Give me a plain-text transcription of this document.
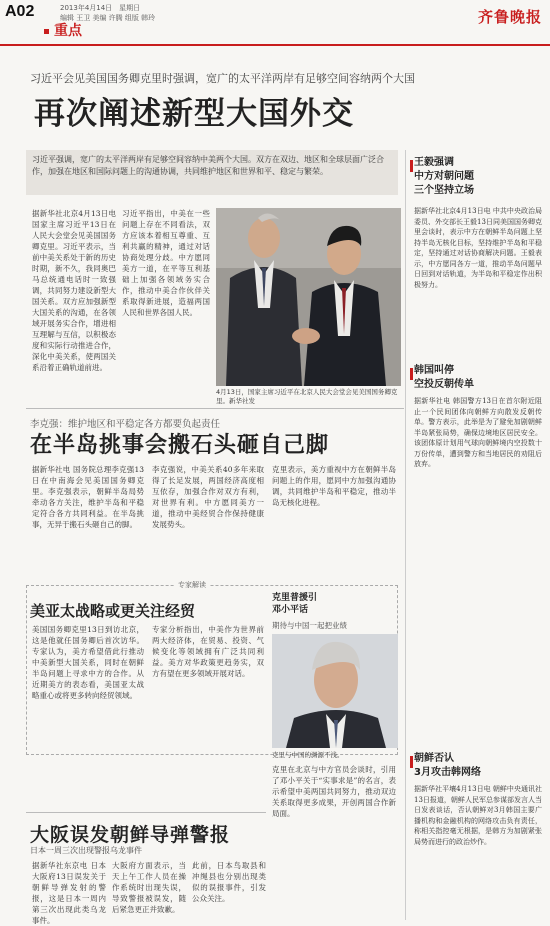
A02	2013年4月14日　星期日
编辑 王卫 美编 许腾 组版 韩玲
重点
齐鲁晚报
习近平会见美国国务卿克里时强调，宽广的太平洋两岸有足够空间容纳两个大国
再次阐述新型大国外交
习近平强调，宽广的太平洋两岸有足够空间容纳中美两个大国。双方在双边、地区和全球层面广泛合作，加强在地区和国际问题上的沟通协调，共同维护地区和世界和平、稳定与繁荣。
据新华社北京4月13日电 国家主席习近平13日在人民大会堂会见美国国务卿克里。习近平表示，当前中美关系处于新的历史时期，新不久，我同奥巴马总统通电话时一致强调，共同努力建设新型大国关系。双方应加强新型大国关系的沟通，在各领域开展务实合作，增进相互理解与互信，以积极态度和实际行动推进合作，深化中美关系，使两国关系沿着正确轨道前进。
习近平指出，中美在一些问题上存在不同看法，双方应该本着相互尊重、互利共赢的精神，通过对话协商处理分歧。中方愿同美方一道，在平等互利基础上加强各领域务实合作，推动中美合作伙伴关系取得新进展，造福两国人民和世界各国人民。
4月13日，国家主席习近平在北京人民大会堂会见美国国务卿克里。新华社发
李克强：维护地区和平稳定各方都要负起责任
在半岛挑事会搬石头砸自己脚
据新华社电 国务院总理李克强13日在中南海会见美国国务卿克里。李克强表示，朝鲜半岛局势牵动各方关注，维护半岛和平稳定符合各方共同利益。在半岛挑事，无异于搬石头砸自己的脚。
李克强说，中美关系40多年来取得了长足发展，两国经济高度相互依存，加强合作对双方有利，对世界有利。中方愿同美方一道，推动中美经贸合作保持健康发展势头。
克里表示，美方重视中方在朝鲜半岛问题上的作用，愿同中方加强沟通协调，共同维护半岛和平稳定，推动半岛无核化进程。
专家解读
美亚太战略或更关注经贸
美国国务卿克里13日到访北京，这是他就任国务卿后首次访华。专家认为，美方希望借此行推动中美新型大国关系，同时在朝鲜半岛问题上寻求中方的合作。从近期美方的表态看，美国亚太战略重心或将更多转向经贸领域。
专家分析指出，中美作为世界前两大经济体，在贸易、投资、气候变化等领域拥有广泛共同利益。美方对华政策更趋务实，双方有望在更多领域开展对话。
克里普援引
邓小平话
期待与中国一起把业绩
克里与中国的渊源不浅。
克里在北京与中方官员会谈时，引用了邓小平关于“实事求是”的名言，表示希望中美两国共同努力，推动双边关系取得更多成果，开创两国合作新局面。
大阪误发朝鲜导弹警报
日本一周三次出现警报乌龙事件
据新华社东京电 日本大阪府13日误发关于朝鲜导弹发射的警报，这是日本一周内第三次出现此类乌龙事件。
大阪府方面表示，当天上午工作人员在操作系统时出现失误，导致警报被误发，随后紧急更正并致歉。
此前，日本鸟取县和冲绳县也分别出现类似的误报事件，引发公众关注。
王毅强调
中方对朝问题
三个坚持立场
据新华社北京4月13日电 中共中央政治局委员、外交部长王毅13日同美国国务卿克里会谈时，表示中方在朝鲜半岛问题上坚持半岛无核化目标，坚持维护半岛和平稳定，坚持通过对话协商解决问题。王毅表示，中方愿同各方一道，推动半岛问题早日回到对话轨道，为半岛和平稳定作出积极努力。
韩国叫停
空投反朝传单
据新华社电 韩国警方13日在首尔附近阻止一个民间团体向朝鲜方向散发反朝传单。警方表示，此举是为了避免加剧朝鲜半岛紧张局势，确保边境地区居民安全。该团体原计划用气球向朝鲜境内空投数十万份传单，遭到警方和当地居民的劝阻后放弃。
朝鲜否认
3月攻击韩网络
据新华社平壤4月13日电 朝鲜中央通讯社13日报道，朝鲜人民军总参谋部发言人当日发表谈话，否认朝鲜对3月韩国主要广播机构和金融机构的网络攻击负有责任，称相关指控毫无根据，是韩方为加剧紧张局势而进行的政治炒作。
